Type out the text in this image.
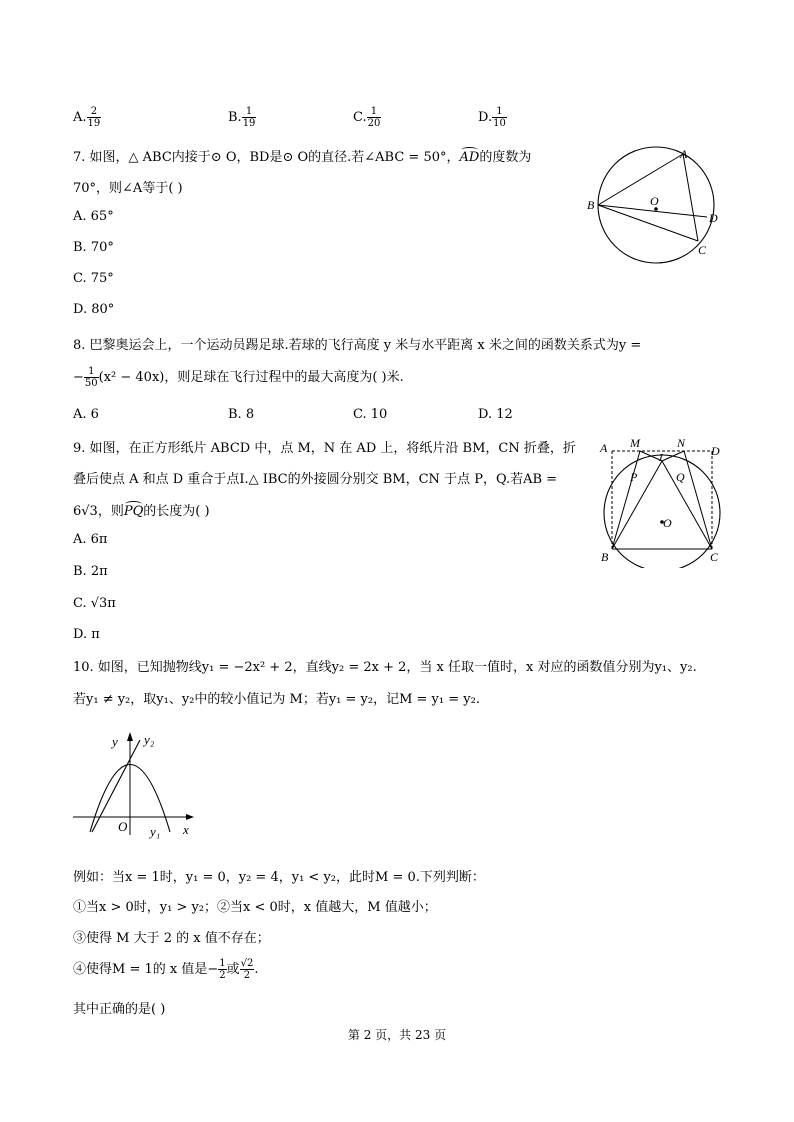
A. $\frac{2}{19}$	B. $\frac{1}{19}$	C. $\frac{1}{20}$	D. $\frac{1}{10}$
7. 如图，△ ABC内接于⊙ O，BD是⊙ O的直径.若∠ABC = 50°，AD的度数为
70°，则∠A等于( )
A. 65°
B. 70°
C. 75°
D. 80°
A
B
C
D
O
8. 巴黎奥运会上，一个运动员踢足球.若球的飞行高度 y 米与水平距离 x 米之间的函数关系式为y =
− $\frac{1}{50} (x^2 - 40x)$，则足球在飞行过程中的最大高度为( )米.
A. 6	B. 8	C. 10	D. 12
9. 如图，在正方形纸片 ABCD 中，点 M，N 在 AD 上，将纸片沿 BM，CN 折叠，折
叠后使点 A 和点 D 重合于点I.△ IBC的外接圆分别交 BM，CN 于点 P，Q.若AB =
6√3，则PQ的长度为( )
A. 6π
B. 2π
C. √3π
D. π
A M	N
D
I
P	Q
O
B	C
10. 如图，已知抛物线y₁ = −2x² + 2，直线y₂ = 2x + 2，当 x 任取一值时，x 对应的函数值分别为y₁、y₂.
若y₁ ≠ y₂，取y₁、y₂中的较小值记为 M；若y₁ = y₂，记M = y₁ = y₂.
y y₂
O y₁ x
例如：当x = 1时，y₁ = 0，y₂ = 4，y₁ < y₂，此时M = 0.下列判断：
①当x > 0时，y₁ > y₂；②当x < 0时，x 值越大，M 值越小；
③使得 M 大于 2 的 x 值不存在；
④使得M = 1的 x 值是− $\frac{1}{2}$ 或 $\frac{√2}{2}$ .
其中正确的是( )
第 2 页，共 23 页
